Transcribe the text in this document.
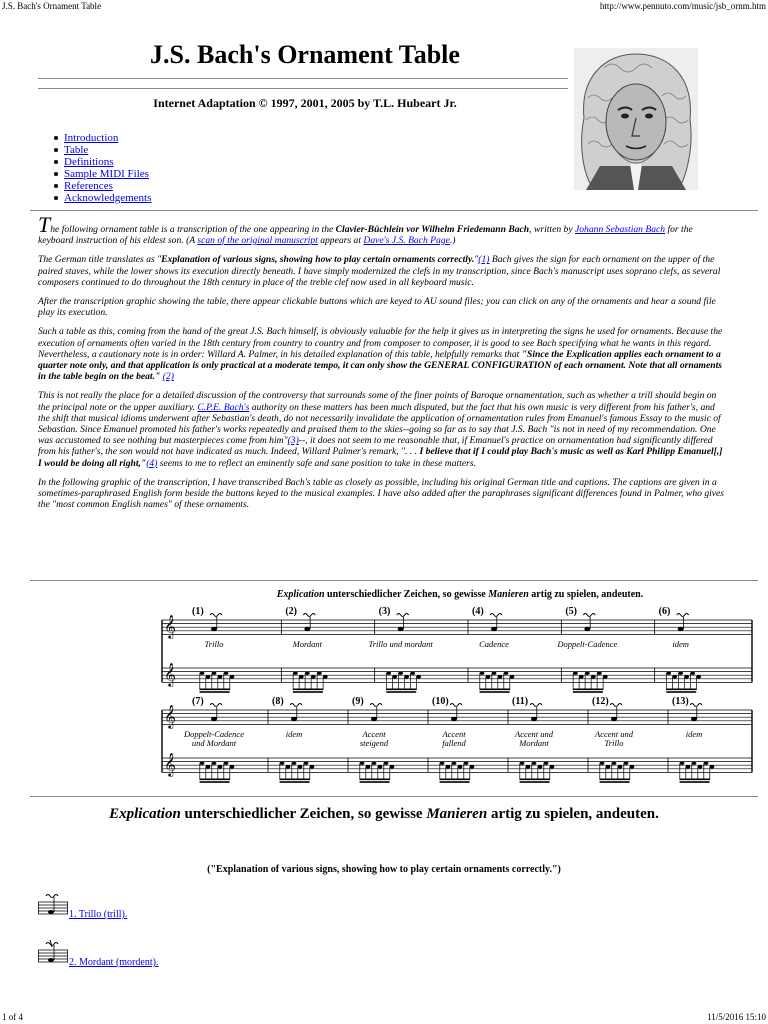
J.S. Bach's Ornament Table	http://www.pennuto.com/music/jsb_ornm.htm
J.S. Bach's Ornament Table
Internet Adaptation © 1997, 2001, 2005 by T.L. Hubeart Jr.
Introduction
Table
Definitions
Sample MIDI Files
References
Acknowledgements

The following ornament table is a transcription of the one appearing in the Clavier-Büchlein vor Wilhelm Friedemann Bach, written by Johann Sebastian Bach for the keyboard instruction of his eldest son. (A scan of the original manuscript appears at Dave's J.S. Bach Page.)

The German title translates as "Explanation of various signs, showing how to play certain ornaments correctly."(1) Bach gives the sign for each ornament on the upper of the paired staves, while the lower shows its execution directly beneath. I have simply modernized the clefs in my transcription, since Bach's manuscript uses soprano clefs, as several composers continued to do throughout the 18th century in place of the treble clef now used in all keyboard music.

After the transcription graphic showing the table, there appear clickable buttons which are keyed to AU sound files; you can click on any of the ornaments and hear a sound file play its execution.

Such a table as this, coming from the hand of the great J.S. Bach himself, is obviously valuable for the help it gives us in interpreting the signs he used for ornaments. Because the execution of ornaments often varied in the 18th century from country to country and from composer to composer, it is good to see Bach specifying what he wants in this regard. Nevertheless, a cautionary note is in order: Willard A. Palmer, in his detailed explanation of this table, helpfully remarks that "Since the Explication applies each ornament to a quarter note only, and that application is only practical at a moderate tempo, it can only show the GENERAL CONFIGURATION of each ornament. Note that all ornaments in the table begin on the beat." (2)

This is not really the place for a detailed discussion of the controversy that surrounds some of the finer points of Baroque ornamentation, such as whether a trill should begin on the principal note or the upper auxiliary. C.P.E. Bach's authority on these matters has been much disputed, but the fact that his own music is very different from his father's, and the shift that musical idioms underwent after Sebastian's death, do not necessarily invalidate the application of ornamentation rules from Emanuel's famous Essay to the music of Sebastian. Since Emanuel promoted his father's works repeatedly and praised them to the skies--going so far as to say that J.S. Bach "is not in need of my recommendation. One was accustomed to see nothing but masterpieces come from him"(3)--, it does not seem to me reasonable that, if Emanuel's practice on ornamentation had significantly differed from his father's, the son would not have indicated as much. Indeed, Willard Palmer's remark, ". . . I believe that if I could play Bach's music as well as Karl Philipp Emanuel[,] I would be doing all right,"(4) seems to me to reflect an eminently safe and sane position to take in these matters.

In the following graphic of the transcription, I have transcribed Bach's table as closely as possible, including his original German title and captions. The captions are given in a sometimes-paraphrased English form beside the buttons keyed to the musical examples. I have also added after the paraphrases significant differences found in Palmer, who gives the "most common English names" of these ornaments.

Explication unterschiedlicher Zeichen, so gewisse Manieren artig zu spielen, andeuten.
𝄞
𝄞
(1)
Trillo
(2)
Mordant
(3)
Trillo und mordant
(4)
Cadence
(5)
Doppelt-Cadence
(6)
idem
𝄞
𝄞
(7)
Doppelt-Cadence
und Mordant
(8)
idem
(9)
Accent
steigend
(10)
Accent
fallend
(11)
Accent und
Mordant
(12)
Accent und
Trillo
(13)
idem
Explication unterschiedlicher Zeichen, so gewisse Manieren artig zu spielen, andeuten.
("Explanation of various signs, showing how to play certain ornaments correctly.")
1. Trillo (trill).
2. Mordant (mordent).
1 of 4	11/5/2016 15:10
